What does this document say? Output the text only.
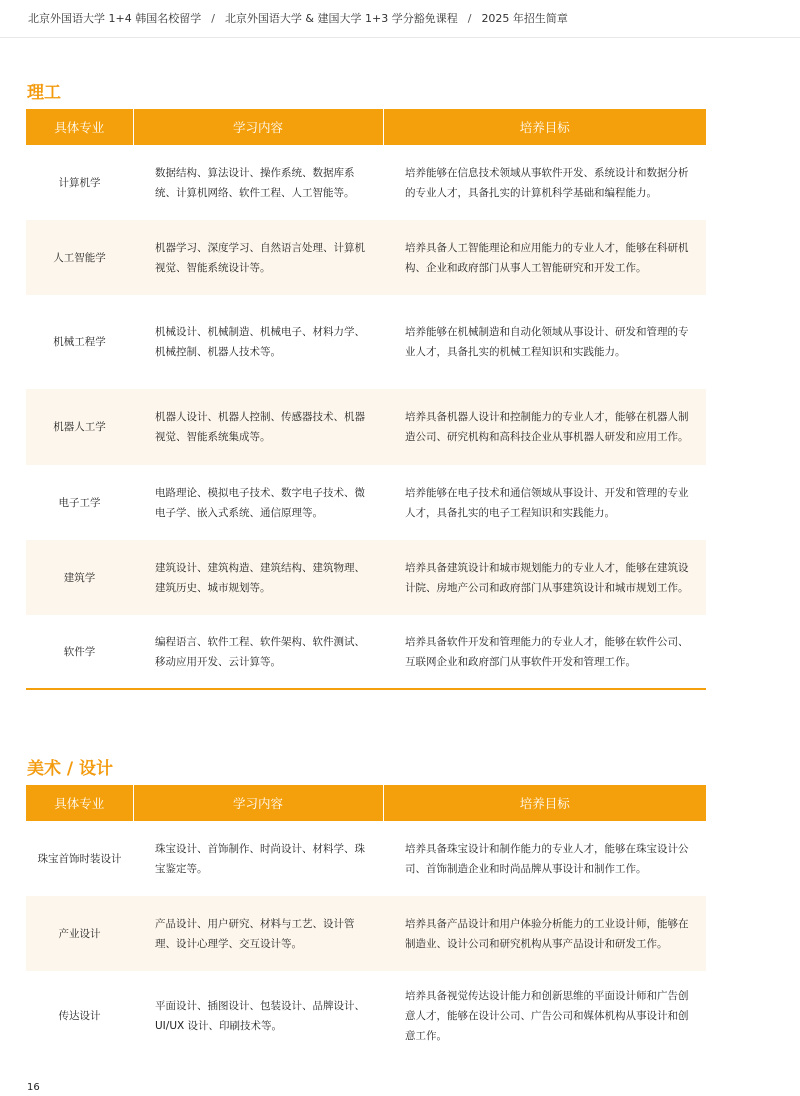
北京外国语大学 1+4 韩国名校留学 / 北京外国语大学 & 建国大学 1+3 学分豁免课程 / 2025 年招生简章
理工
具体专业	学习内容	培养目标
计算机学	数据结构、算法设计、操作系统、数据库系统、计算机网络、软件工程、人工智能等。	培养能够在信息技术领域从事软件开发、系统设计和数据分析的专业人才，具备扎实的计算机科学基础和编程能力。
人工智能学	机器学习、深度学习、自然语言处理、计算机视觉、智能系统设计等。	培养具备人工智能理论和应用能力的专业人才，能够在科研机构、企业和政府部门从事人工智能研究和开发工作。
机械工程学	机械设计、机械制造、机械电子、材料力学、机械控制、机器人技术等。	培养能够在机械制造和自动化领域从事设计、研发和管理的专业人才，具备扎实的机械工程知识和实践能力。
机器人工学	机器人设计、机器人控制、传感器技术、机器视觉、智能系统集成等。	培养具备机器人设计和控制能力的专业人才，能够在机器人制造公司、研究机构和高科技企业从事机器人研发和应用工作。
电子工学	电路理论、模拟电子技术、数字电子技术、微电子学、嵌入式系统、通信原理等。	培养能够在电子技术和通信领域从事设计、开发和管理的专业人才，具备扎实的电子工程知识和实践能力。
建筑学	建筑设计、建筑构造、建筑结构、建筑物理、建筑历史、城市规划等。	培养具备建筑设计和城市规划能力的专业人才，能够在建筑设计院、房地产公司和政府部门从事建筑设计和城市规划工作。
软件学	编程语言、软件工程、软件架构、软件测试、移动应用开发、云计算等。	培养具备软件开发和管理能力的专业人才，能够在软件公司、互联网企业和政府部门从事软件开发和管理工作。
美术 / 设计
具体专业	学习内容	培养目标
珠宝首饰时装设计	珠宝设计、首饰制作、时尚设计、材料学、珠宝鉴定等。	培养具备珠宝设计和制作能力的专业人才，能够在珠宝设计公司、首饰制造企业和时尚品牌从事设计和制作工作。
产业设计	产品设计、用户研究、材料与工艺、设计管理、设计心理学、交互设计等。	培养具备产品设计和用户体验分析能力的工业设计师，能够在制造业、设计公司和研究机构从事产品设计和研发工作。
传达设计	平面设计、插图设计、包装设计、品牌设计、UI/UX 设计、印刷技术等。	培养具备视觉传达设计能力和创新思维的平面设计师和广告创意人才，能够在设计公司、广告公司和媒体机构从事设计和创意工作。
16
